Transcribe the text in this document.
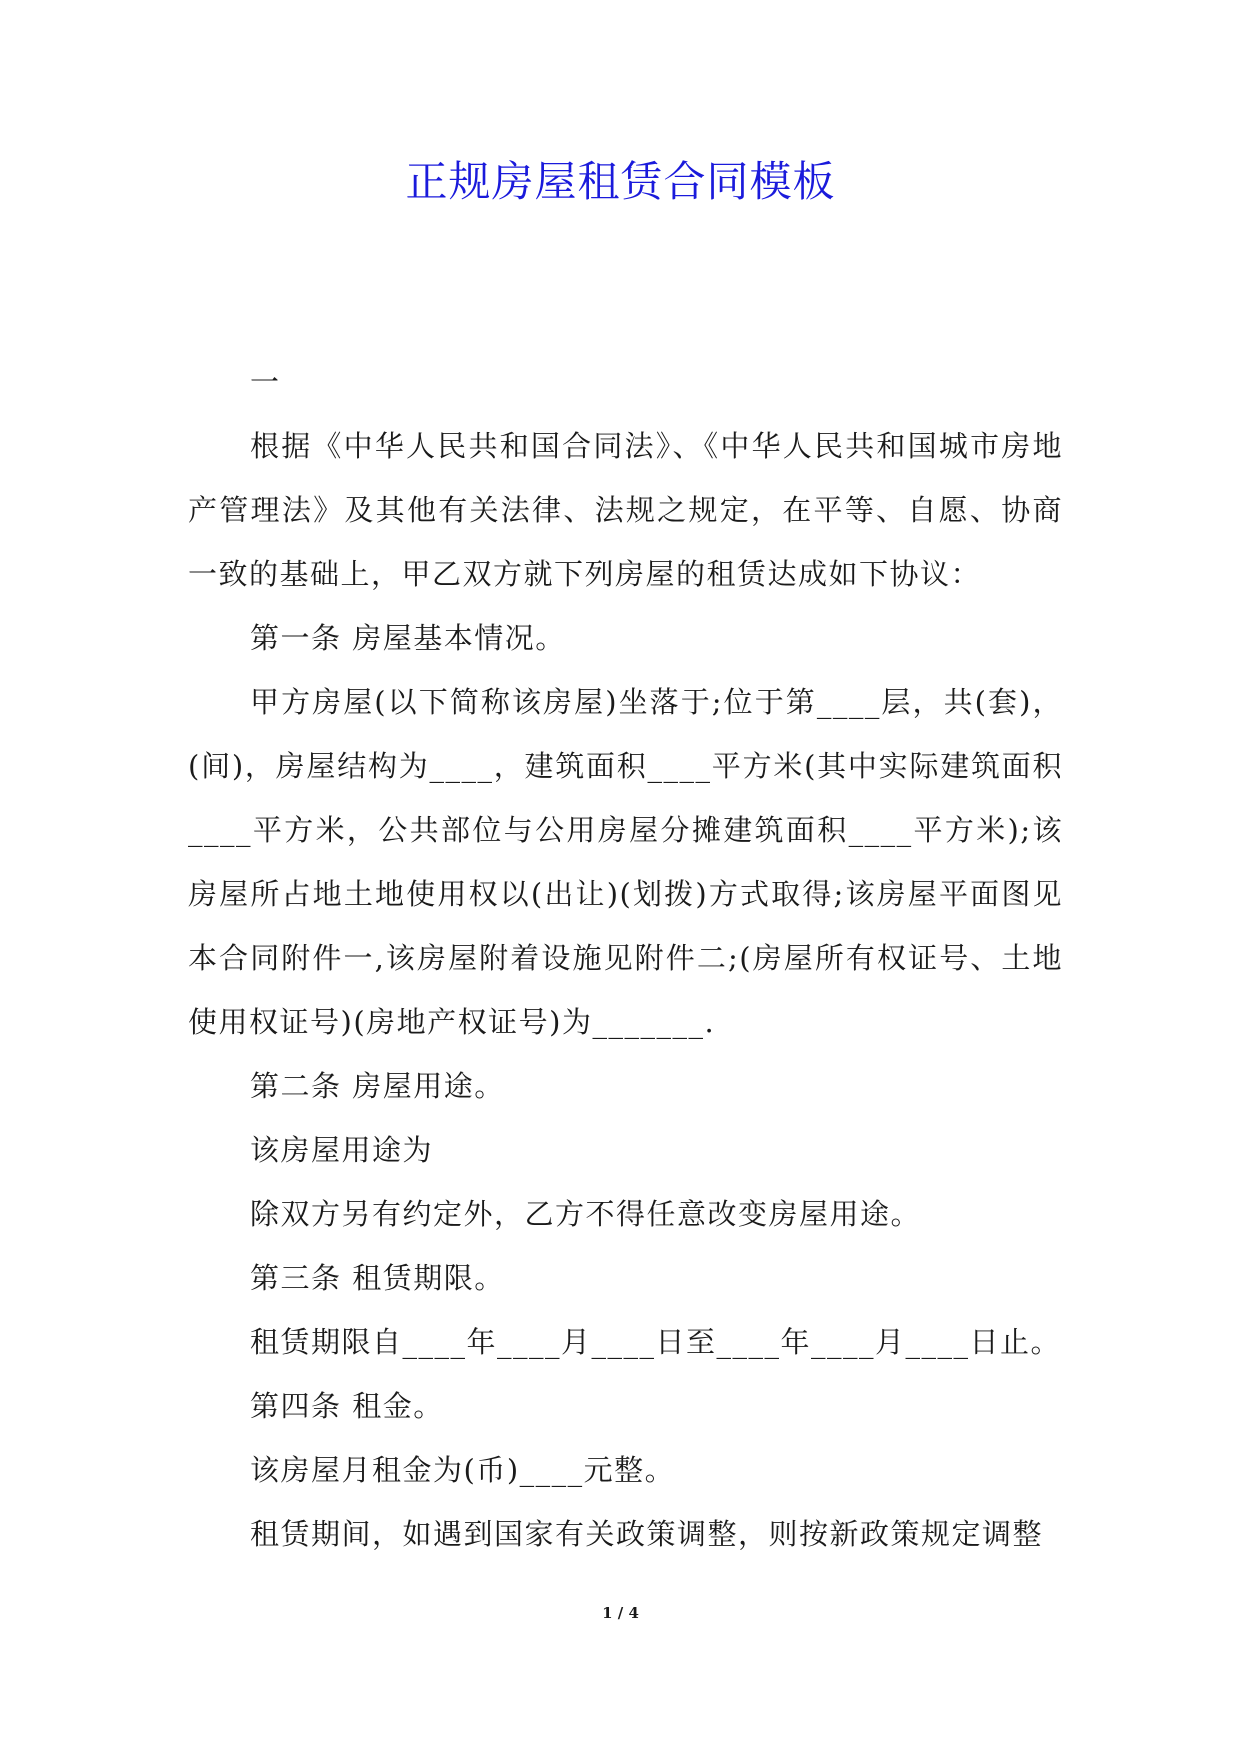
正规房屋租赁合同模板

一

根据《中华人民共和国合同法》、《中华人民共和国城市房地产管理法》及其他有关法律、法规之规定，在平等、自愿、协商一致的基础上，甲乙双方就下列房屋的租赁达成如下协议：

第一条 房屋基本情况。

甲方房屋(以下简称该房屋)坐落于;位于第____层，共(套)，(间)，房屋结构为____，建筑面积____平方米(其中实际建筑面积____平方米，公共部位与公用房屋分摊建筑面积____平方米);该房屋所占地土地使用权以(出让)(划拨)方式取得;该房屋平面图见本合同附件一,该房屋附着设施见附件二;(房屋所有权证号、土地使用权证号)(房地产权证号)为_______.

第二条 房屋用途。

该房屋用途为

除双方另有约定外，乙方不得任意改变房屋用途。

第三条 租赁期限。

租赁期限自____年____月____日至____年____月____日止。

第四条 租金。

该房屋月租金为(币)____元整。

租赁期间，如遇到国家有关政策调整，则按新政策规定调整

1 / 4
